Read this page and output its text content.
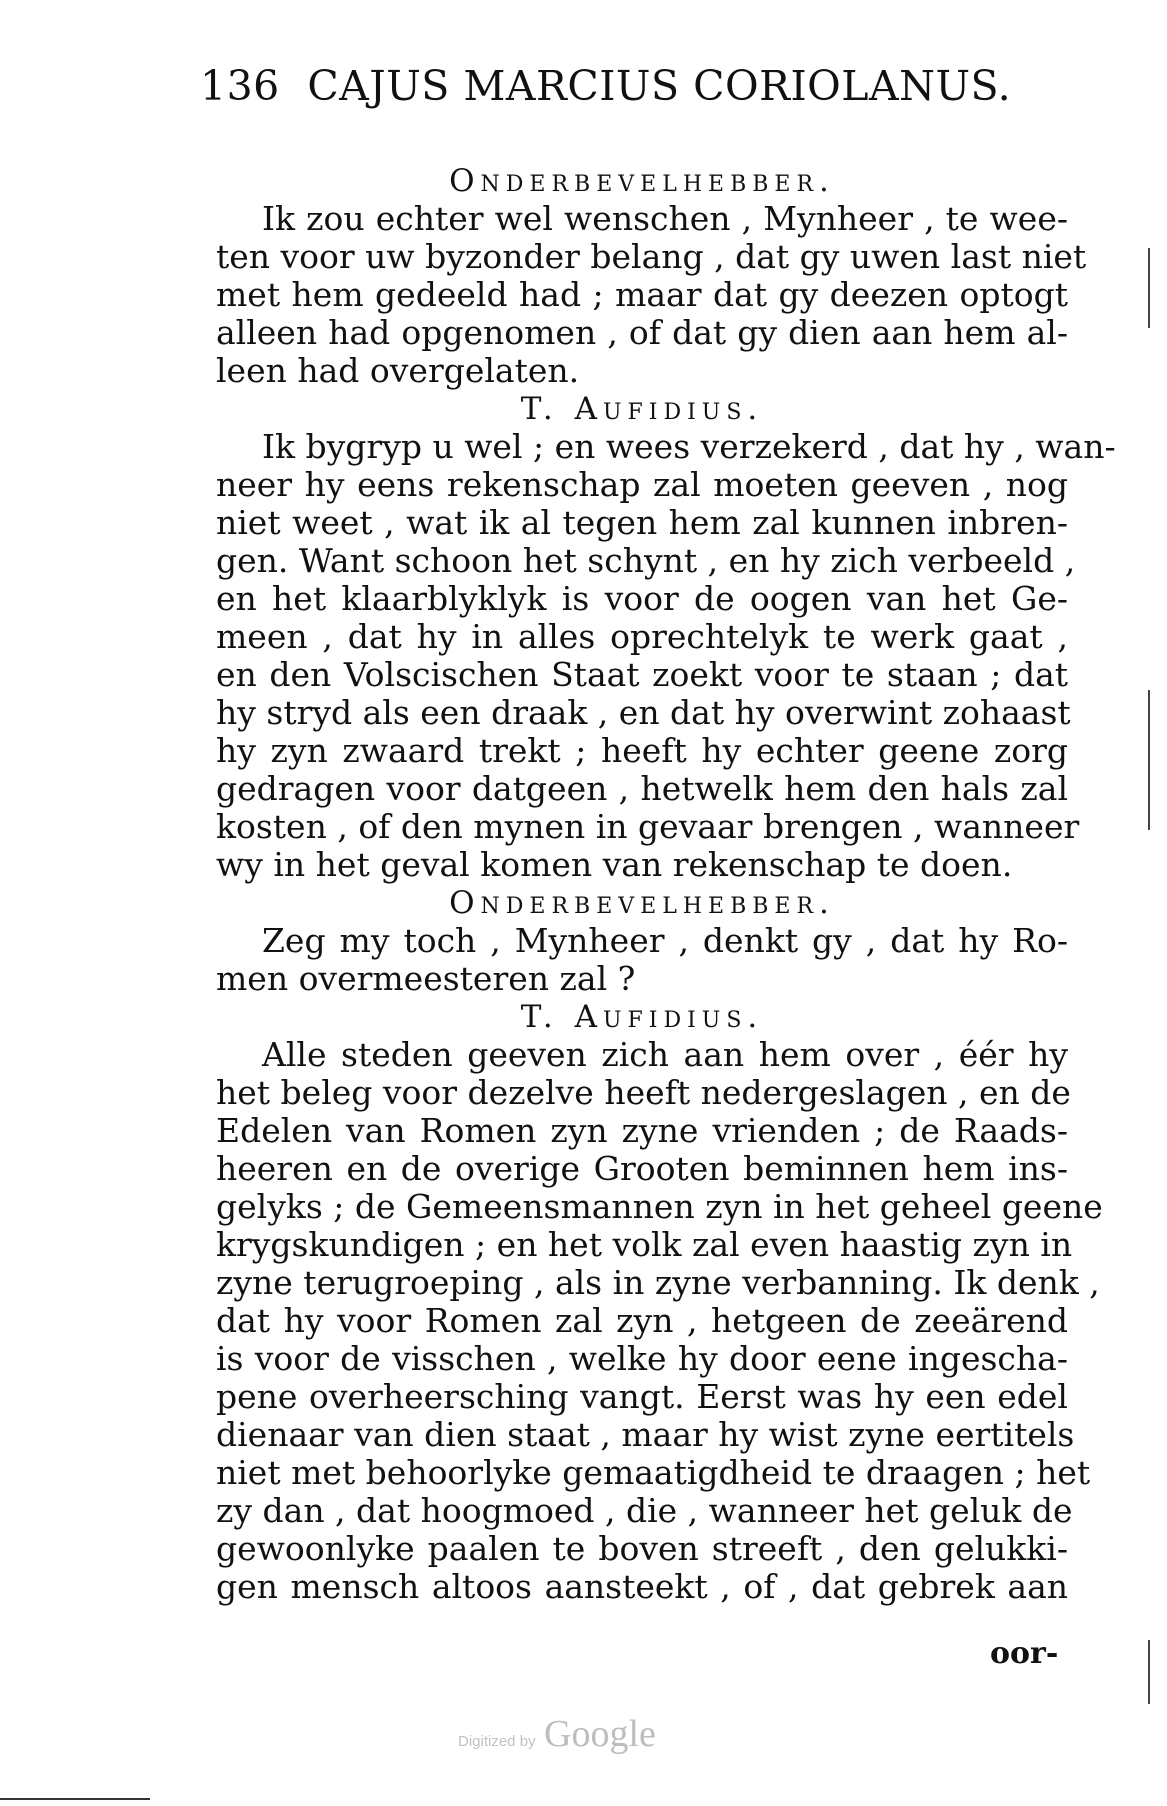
136 CAJUS MARCIUS CORIOLANUS.
Onderbevelhebber.
Ik zou echter wel wenschen , Mynheer , te wee-
ten voor uw byzonder belang , dat gy uwen last niet
met hem gedeeld had ; maar dat gy deezen optogt
alleen had opgenomen , of dat gy dien aan hem al-
leen had overgelaten.
T. Aufidius.
Ik bygryp u wel ; en wees verzekerd , dat hy , wan-
neer hy eens rekenschap zal moeten geeven , nog
niet weet , wat ik al tegen hem zal kunnen inbren-
gen. Want schoon het schynt , en hy zich verbeeld ,
en het klaarblyklyk is voor de oogen van het Ge-
meen , dat hy in alles oprechtelyk te werk gaat ,
en den Volscischen Staat zoekt voor te staan ; dat
hy stryd als een draak , en dat hy overwint zohaast
hy zyn zwaard trekt ; heeft hy echter geene zorg
gedragen voor datgeen , hetwelk hem den hals zal
kosten , of den mynen in gevaar brengen , wanneer
wy in het geval komen van rekenschap te doen.
Onderbevelhebber.
Zeg my toch , Mynheer , denkt gy , dat hy Ro-
men overmeesteren zal ?
T. Aufidius.
Alle steden geeven zich aan hem over , éér hy
het beleg voor dezelve heeft nedergeslagen , en de
Edelen van Romen zyn zyne vrienden ; de Raads-
heeren en de overige Grooten beminnen hem ins-
gelyks ; de Gemeensmannen zyn in het geheel geene
krygskundigen ; en het volk zal even haastig zyn in
zyne terugroeping , als in zyne verbanning. Ik denk ,
dat hy voor Romen zal zyn , hetgeen de zeeärend
is voor de visschen , welke hy door eene ingescha-
pene overheersching vangt. Eerst was hy een edel
dienaar van dien staat , maar hy wist zyne eertitels
niet met behoorlyke gemaatigdheid te draagen ; het
zy dan , dat hoogmoed , die , wanneer het geluk de
gewoonlyke paalen te boven streeft , den gelukki-
gen mensch altoos aansteekt , of , dat gebrek aan
oor-
Digitized by Google
